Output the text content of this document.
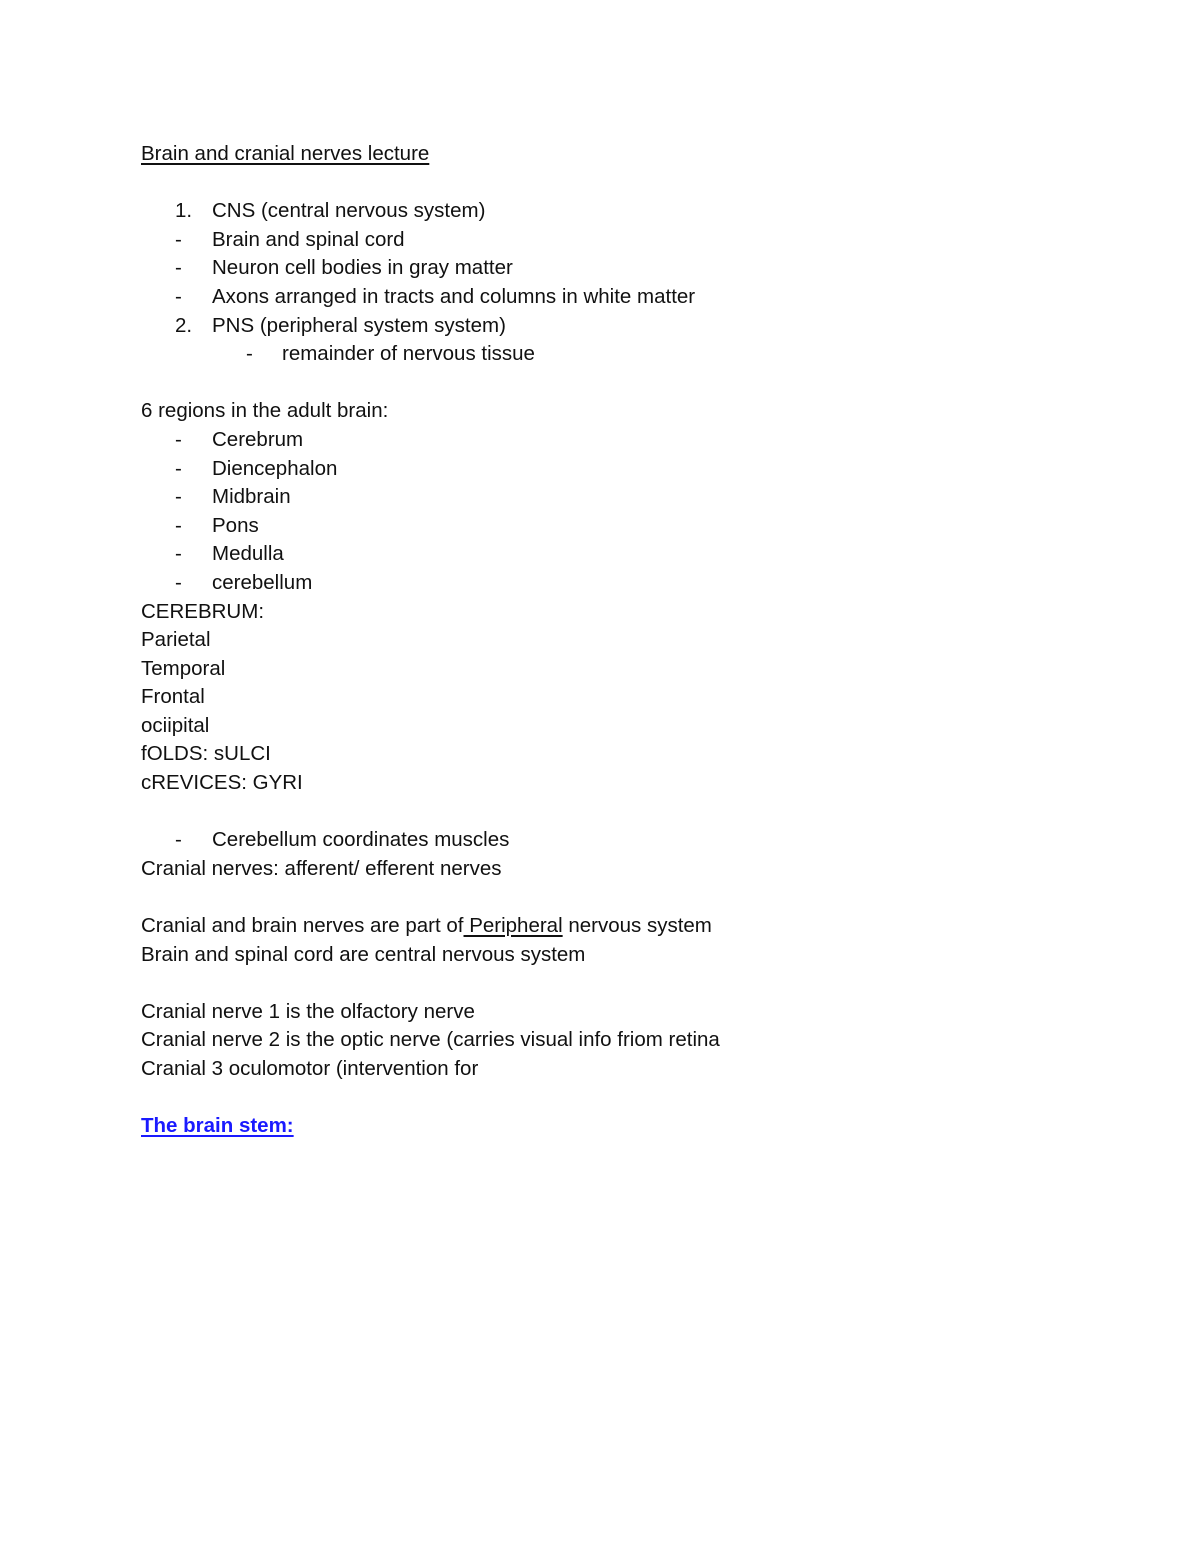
Brain and cranial nerves lecture
1. CNS (central nervous system)
- Brain and spinal cord
- Neuron cell bodies in gray matter
- Axons arranged in tracts and columns in white matter
2. PNS (peripheral system system)
- remainder of nervous tissue
6 regions in the adult brain:
- Cerebrum
- Diencephalon
- Midbrain
- Pons
- Medulla
- cerebellum
CEREBRUM:
Parietal
Temporal
Frontal
ociipital
fOLDS: sULCI
cREVICES: GYRI
- Cerebellum coordinates muscles
Cranial nerves: afferent/ efferent nerves
Cranial and brain nerves are part of Peripheral nervous system
Brain and spinal cord are central nervous system
Cranial nerve 1 is the olfactory nerve
Cranial nerve 2 is the optic nerve (carries visual info friom retina
Cranial 3 oculomotor (intervention for
The brain stem:
